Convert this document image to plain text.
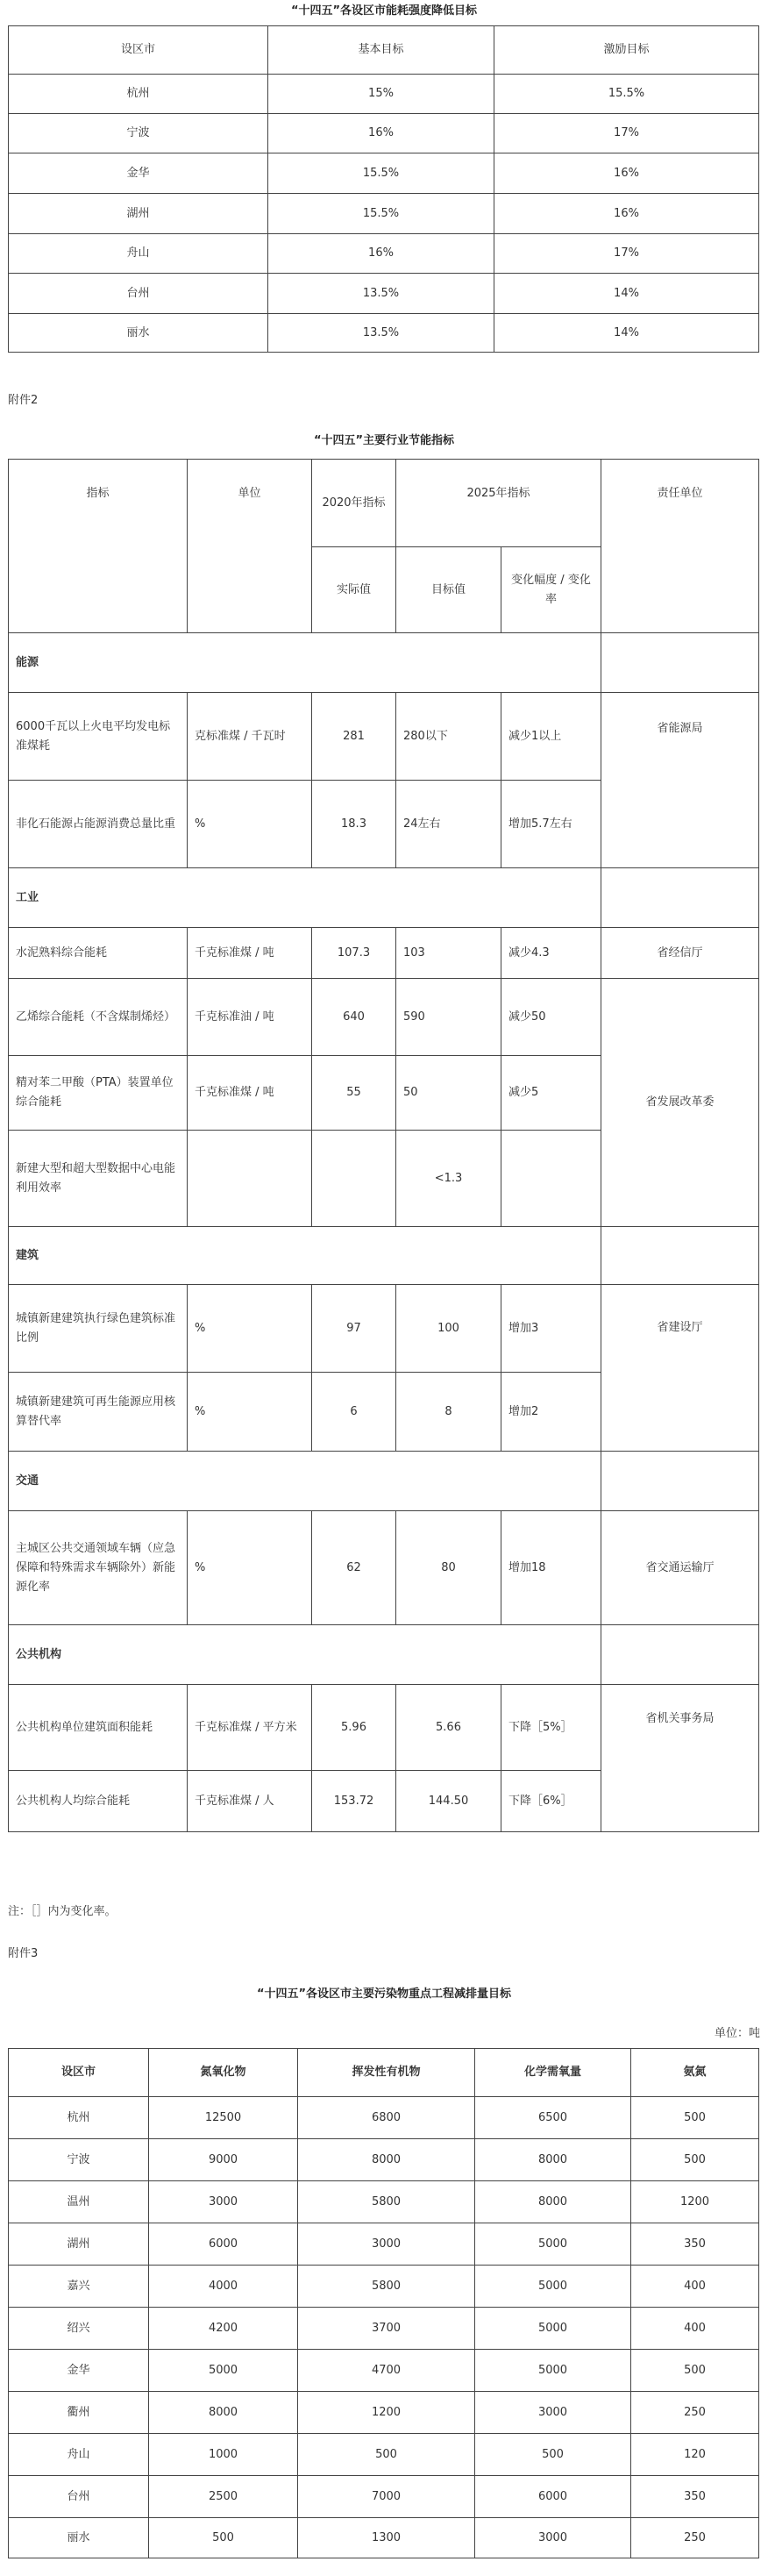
“十四五”各设区市能耗强度降低目标
设区市	基本目标	激励目标
杭州	15%	15.5%
宁波	16%	17%
金华	15.5%	16%
湖州	15.5%	16%
舟山	16%	17%
台州	13.5%	14%
丽水	13.5%	14%
附件2
“十四五”主要行业节能指标
指标	单位	2020年指标	2025年指标		责任单位
		实际值	目标值	变化幅度 / 变化率	
能源					
6000千瓦以上火电平均发电标准煤耗	克标准煤 / 千瓦时	281	280以下	减少1以上	省能源局
非化石能源占能源消费总量比重	%	18.3	24左右	增加5.7左右	
工业					
水泥熟料综合能耗	千克标准煤 / 吨	107.3	103	减少4.3	省经信厅
乙烯综合能耗（不含煤制烯烃）	千克标准油 / 吨	640	590	减少50	省发展改革委
精对苯二甲酸（PTA）装置单位综合能耗	千克标准煤 / 吨	55	50	减少5	
新建大型和超大型数据中心电能利用效率			<1.3		
建筑					
城镇新建建筑执行绿色建筑标准比例	%	97	100	增加3	省建设厅
城镇新建建筑可再生能源应用核算替代率	%	6	8	增加2	
交通					
主城区公共交通领域车辆（应急保障和特殊需求车辆除外）新能源化率	%	62	80	增加18	省交通运输厅
公共机构					
公共机构单位建筑面积能耗	千克标准煤 / 平方米	5.96	5.66	下降［5%］	省机关事务局
公共机构人均综合能耗	千克标准煤 / 人	153.72	144.50	下降［6%］	
注：［］内为变化率。
附件3
“十四五”各设区市主要污染物重点工程减排量目标
单位：吨
设区市	氮氧化物	挥发性有机物	化学需氧量	氨氮
杭州	12500	6800	6500	500
宁波	9000	8000	8000	500
温州	3000	5800	8000	1200
湖州	6000	3000	5000	350
嘉兴	4000	5800	5000	400
绍兴	4200	3700	5000	400
金华	5000	4700	5000	500
衢州	8000	1200	3000	250
舟山	1000	500	500	120
台州	2500	7000	6000	350
丽水	500	1300	3000	250
